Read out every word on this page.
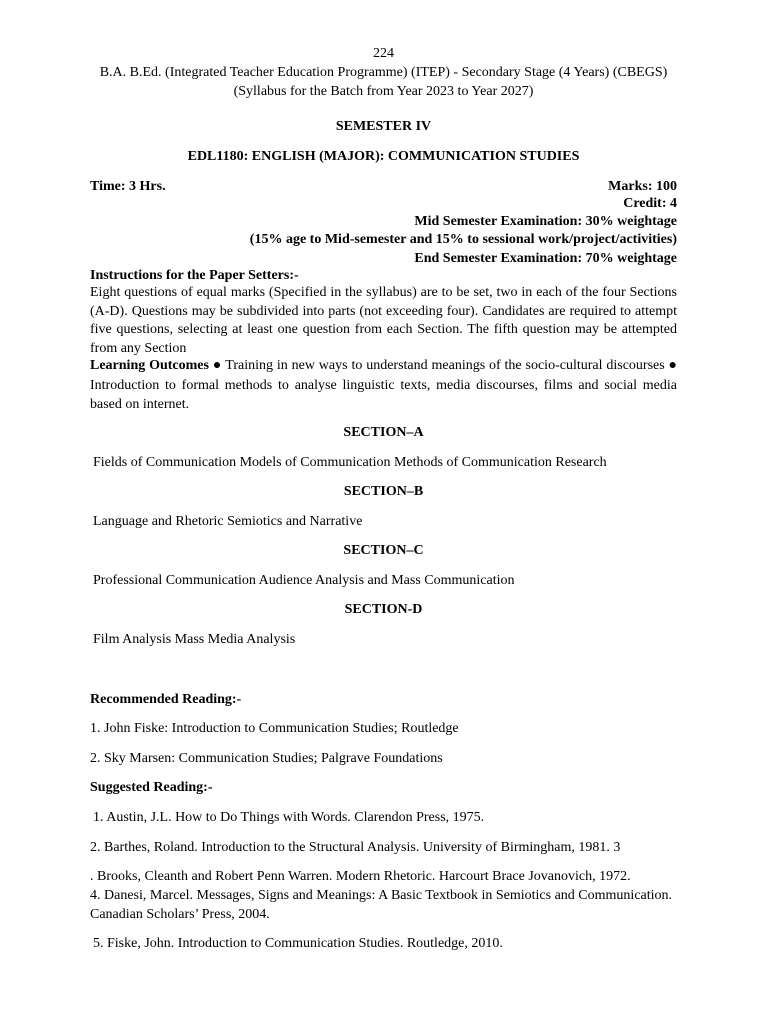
224
B.A. B.Ed. (Integrated Teacher Education Programme) (ITEP) - Secondary Stage (4 Years) (CBEGS)
(Syllabus for the Batch from Year 2023 to Year 2027)
SEMESTER IV
EDL1180: ENGLISH (MAJOR): COMMUNICATION STUDIES
Time: 3 Hrs.	Marks: 100
Credit: 4
Mid Semester Examination: 30% weightage
(15% age to Mid-semester and 15% to sessional work/project/activities)
End Semester Examination: 70% weightage
Instructions for the Paper Setters:-
Eight questions of equal marks (Specified in the syllabus) are to be set, two in each of the four Sections (A-D). Questions may be subdivided into parts (not exceeding four). Candidates are required to attempt five questions, selecting at least one question from each Section. The fifth question may be attempted from any Section
Learning Outcomes ● Training in new ways to understand meanings of the socio-cultural discourses ● Introduction to formal methods to analyse linguistic texts, media discourses, films and social media based on internet.
SECTION–A
Fields of Communication Models of Communication Methods of Communication Research
SECTION–B
Language and Rhetoric Semiotics and Narrative
SECTION–C
Professional Communication Audience Analysis and Mass Communication
SECTION-D
Film Analysis Mass Media Analysis
Recommended Reading:-
1. John Fiske: Introduction to Communication Studies; Routledge
2. Sky Marsen: Communication Studies; Palgrave Foundations
Suggested Reading:-
1. Austin, J.L. How to Do Things with Words. Clarendon Press, 1975.
2. Barthes, Roland. Introduction to the Structural Analysis. University of Birmingham, 1981. 3
. Brooks, Cleanth and Robert Penn Warren. Modern Rhetoric. Harcourt Brace Jovanovich, 1972.
4. Danesi, Marcel. Messages, Signs and Meanings: A Basic Textbook in Semiotics and Communication. Canadian Scholars’ Press, 2004.
5. Fiske, John. Introduction to Communication Studies. Routledge, 2010.
